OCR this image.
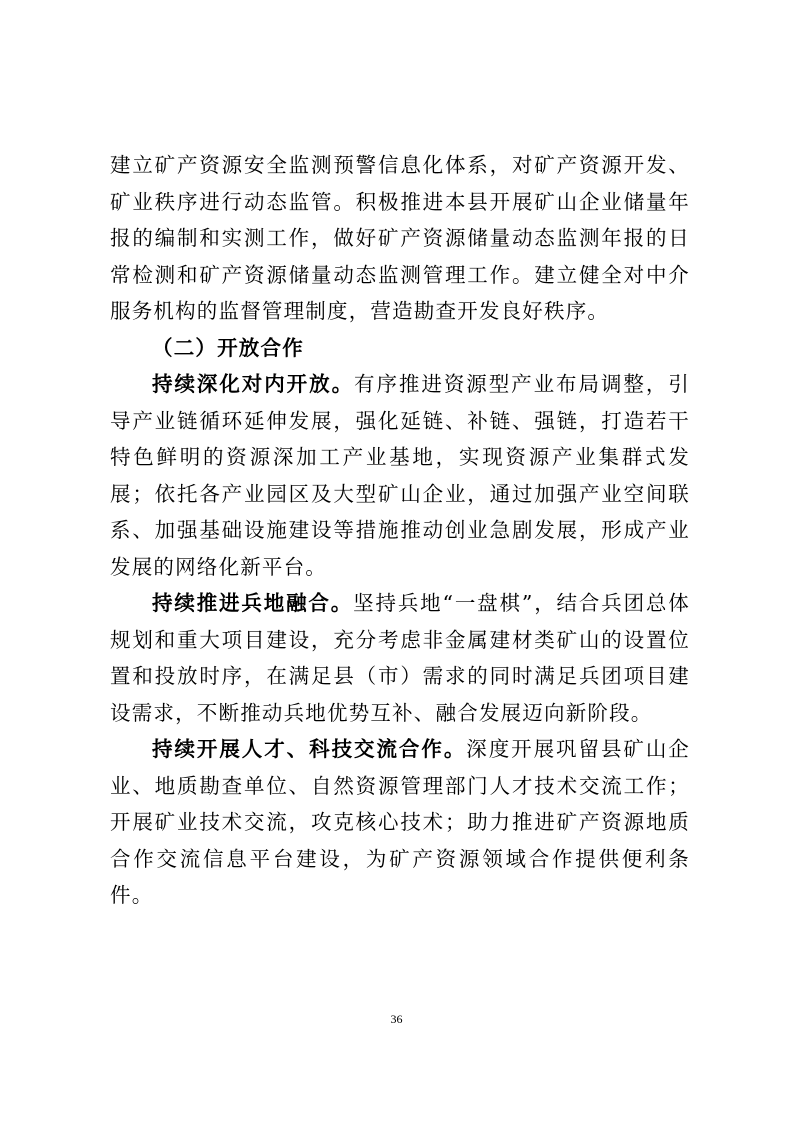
建立矿产资源安全监测预警信息化体系，对矿产资源开发、矿业秩序进行动态监管。积极推进本县开展矿山企业储量年报的编制和实测工作，做好矿产资源储量动态监测年报的日常检测和矿产资源储量动态监测管理工作。建立健全对中介服务机构的监督管理制度，营造勘查开发良好秩序。

（二）开放合作

持续深化对内开放。有序推进资源型产业布局调整，引导产业链循环延伸发展，强化延链、补链、强链，打造若干特色鲜明的资源深加工产业基地，实现资源产业集群式发展；依托各产业园区及大型矿山企业，通过加强产业空间联系、加强基础设施建设等措施推动创业急剧发展，形成产业发展的网络化新平台。

持续推进兵地融合。坚持兵地“一盘棋”，结合兵团总体规划和重大项目建设，充分考虑非金属建材类矿山的设置位置和投放时序，在满足县（市）需求的同时满足兵团项目建设需求，不断推动兵地优势互补、融合发展迈向新阶段。

持续开展人才、科技交流合作。深度开展巩留县矿山企业、地质勘查单位、自然资源管理部门人才技术交流工作；开展矿业技术交流，攻克核心技术；助力推进矿产资源地质合作交流信息平台建设，为矿产资源领域合作提供便利条件。

36
